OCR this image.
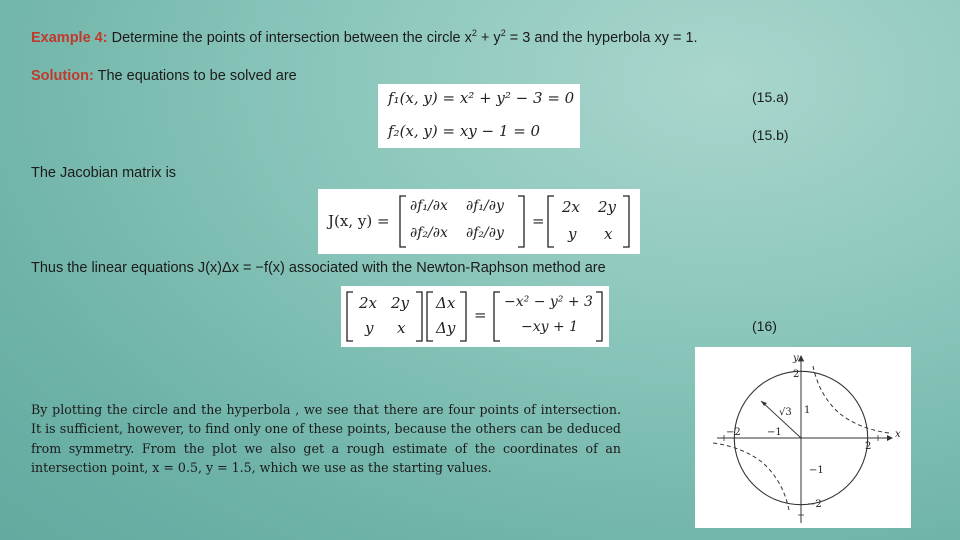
Example 4: Determine the points of intersection between the circle $x^2 + y^2 = 3$ and the hyperbola xy = 1.
Solution: The equations to be solved are
f₁(x, y) = x² + y² − 3 = 0
f₂(x, y) = xy − 1 = 0
(15.a)
(15.b)
The Jacobian matrix is
J(x, y) =
∂f₁/∂x ∂f₁/∂y
∂f₂/∂x ∂f₂/∂y
=
2x 2y
y x
Thus the linear equations J(x)Δx = −f(x) associated with the Newton-Raphson method are
2x 2y
y x
Δx
Δy
=
−x² − y² + 3
−xy + 1	(16)
By plotting the circle and the hyperbola , we see that there are four points of intersection. It is sufficient, however, to find only one of these points, because the others can be deduced from symmetry. From the plot we also get a rough estimate of the coordinates of an intersection point, x = 0.5, y = 1.5, which we use as the starting values.
y
x
2
1
−1
−2
−2	−1
2
√3
